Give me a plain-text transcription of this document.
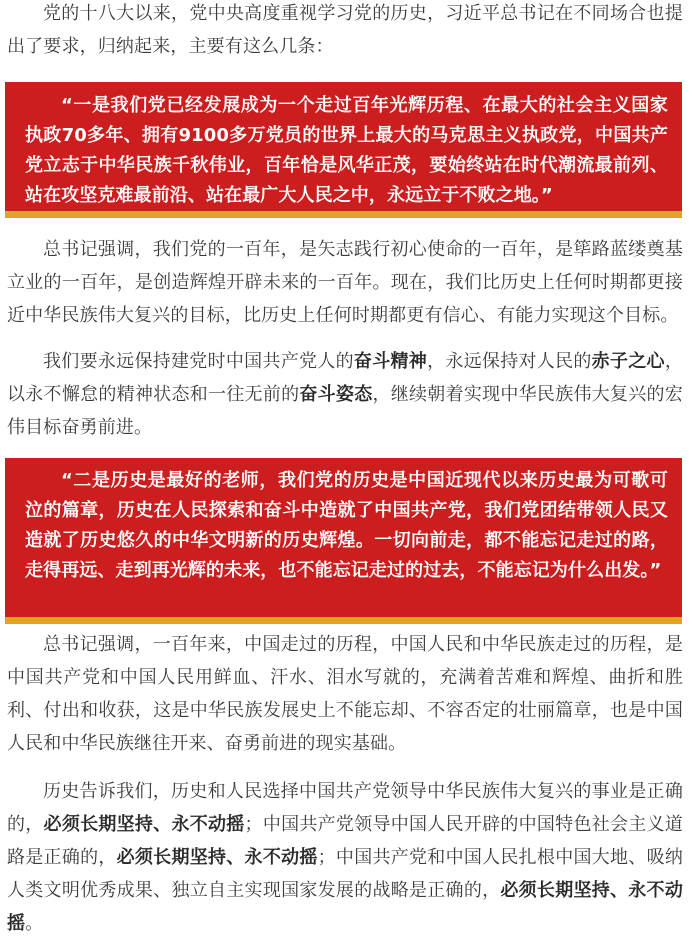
党的十八大以来，党中央高度重视学习党的历史，习近平总书记在不同场合也提出了要求，归纳起来，主要有这么几条：

“一是我们党已经发展成为一个走过百年光辉历程、在最大的社会主义国家执政70多年、拥有9100多万党员的世界上最大的马克思主义执政党，中国共产党立志于中华民族千秋伟业，百年恰是风华正茂，要始终站在时代潮流最前列、站在攻坚克难最前沿、站在最广大人民之中，永远立于不败之地。”

总书记强调，我们党的一百年，是矢志践行初心使命的一百年，是筚路蓝缕奠基立业的一百年，是创造辉煌开辟未来的一百年。现在，我们比历史上任何时期都更接近中华民族伟大复兴的目标，比历史上任何时期都更有信心、有能力实现这个目标。

我们要永远保持建党时中国共产党人的奋斗精神，永远保持对人民的赤子之心，以永不懈怠的精神状态和一往无前的奋斗姿态，继续朝着实现中华民族伟大复兴的宏伟目标奋勇前进。

“二是历史是最好的老师，我们党的历史是中国近现代以来历史最为可歌可泣的篇章，历史在人民探索和奋斗中造就了中国共产党，我们党团结带领人民又造就了历史悠久的中华文明新的历史辉煌。一切向前走，都不能忘记走过的路，走得再远、走到再光辉的未来，也不能忘记走过的过去，不能忘记为什么出发。”

总书记强调，一百年来，中国走过的历程，中国人民和中华民族走过的历程，是中国共产党和中国人民用鲜血、汗水、泪水写就的，充满着苦难和辉煌、曲折和胜利、付出和收获，这是中华民族发展史上不能忘却、不容否定的壮丽篇章，也是中国人民和中华民族继往开来、奋勇前进的现实基础。

历史告诉我们，历史和人民选择中国共产党领导中华民族伟大复兴的事业是正确的，必须长期坚持、永不动摇；中国共产党领导中国人民开辟的中国特色社会主义道路是正确的，必须长期坚持、永不动摇；中国共产党和中国人民扎根中国大地、吸纳人类文明优秀成果、独立自主实现国家发展的战略是正确的，必须长期坚持、永不动摇。
